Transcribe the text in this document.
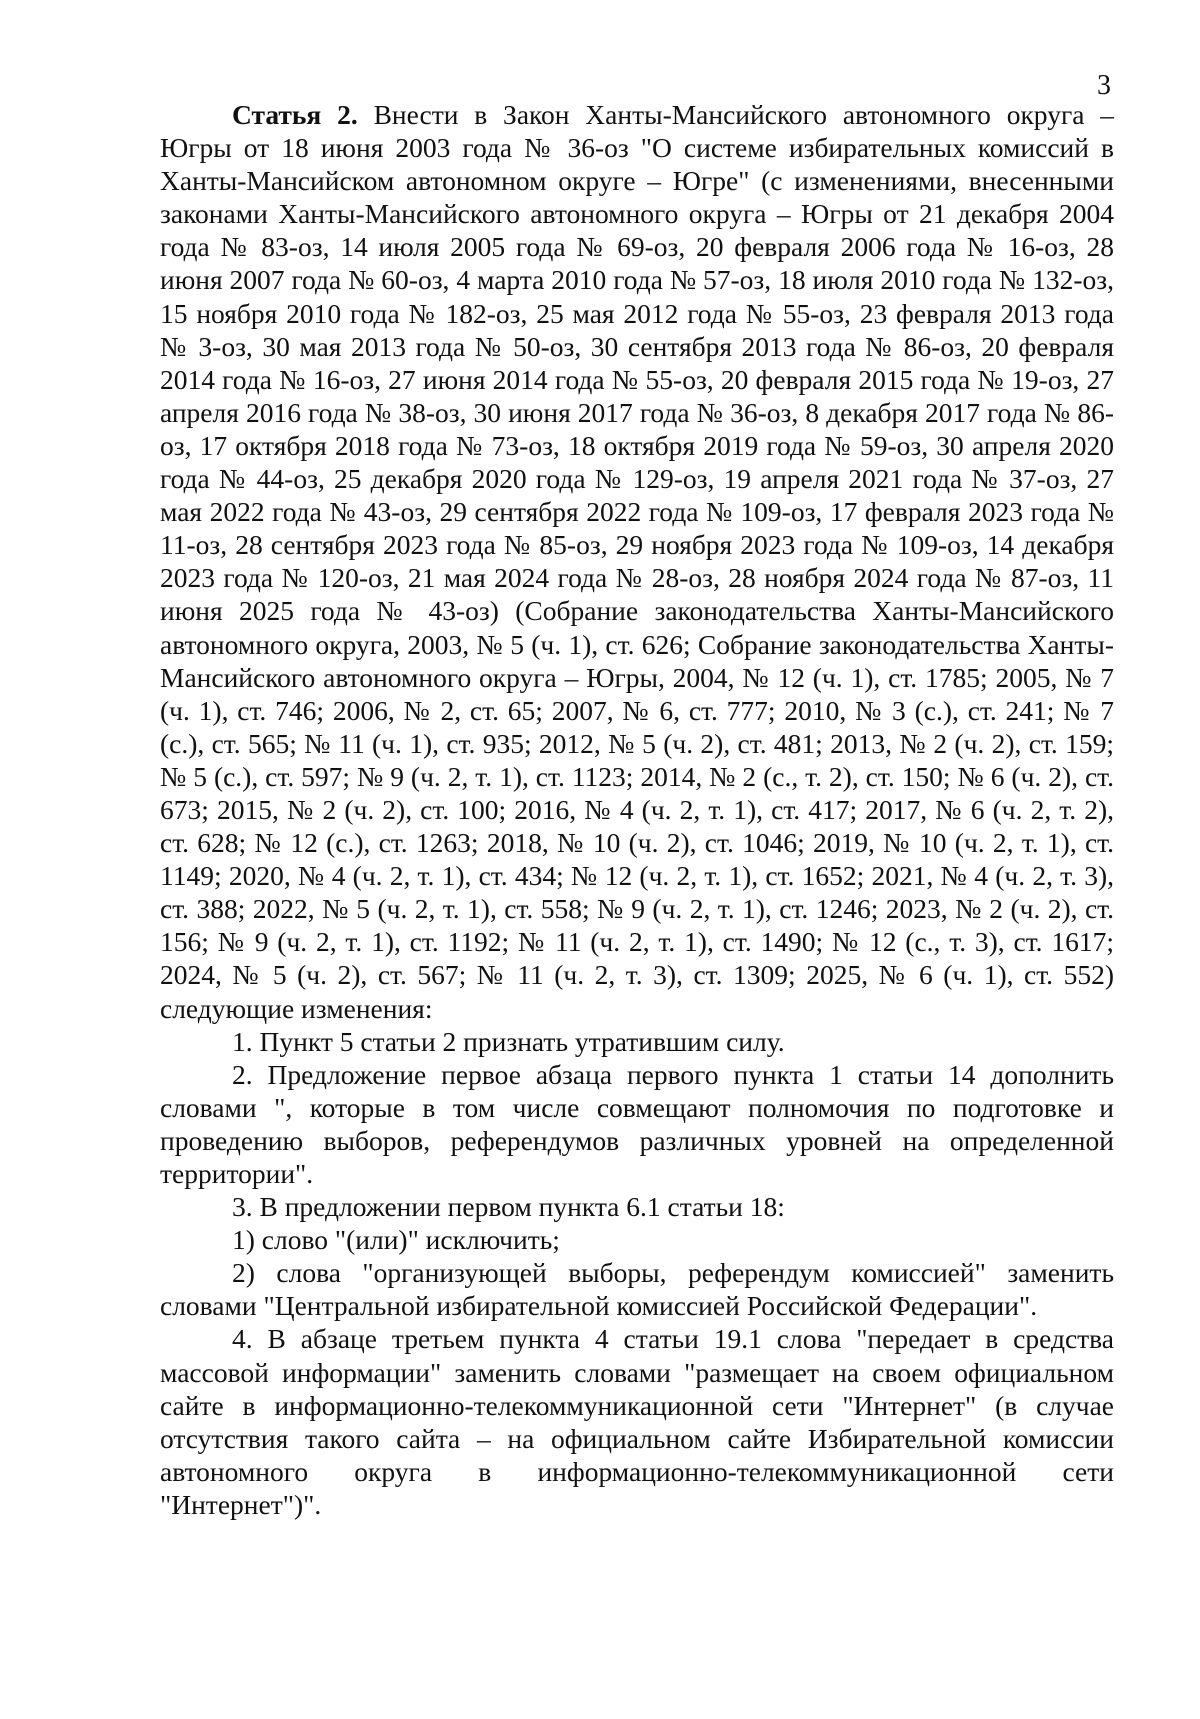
3

Статья 2. Внести в Закон Ханты-Мансийского автономного округа – Югры от 18 июня 2003 года № 36-оз "О системе избирательных комиссий в Ханты-Мансийском автономном округе – Югре" (с изменениями, внесенными законами Ханты-Мансийского автономного округа – Югры от 21 декабря 2004 года № 83-оз, 14 июля 2005 года № 69-оз, 20 февраля 2006 года № 16-оз, 28 июня 2007 года № 60-оз, 4 марта 2010 года № 57-оз, 18 июля 2010 года № 132-оз, 15 ноября 2010 года № 182-оз, 25 мая 2012 года № 55-оз, 23 февраля 2013 года № 3-оз, 30 мая 2013 года № 50-оз, 30 сентября 2013 года № 86-оз, 20 февраля 2014 года № 16-оз, 27 июня 2014 года № 55-оз, 20 февраля 2015 года № 19-оз, 27 апреля 2016 года № 38-оз, 30 июня 2017 года № 36-оз, 8 декабря 2017 года № 86-оз, 17 октября 2018 года № 73-оз, 18 октября 2019 года № 59-оз, 30 апреля 2020 года № 44-оз, 25 декабря 2020 года № 129-оз, 19 апреля 2021 года № 37-оз, 27 мая 2022 года № 43-оз, 29 сентября 2022 года № 109-оз, 17 февраля 2023 года № 11-оз, 28 сентября 2023 года № 85-оз, 29 ноября 2023 года № 109-оз, 14 декабря 2023 года № 120-оз, 21 мая 2024 года № 28-оз, 28 ноября 2024 года № 87-оз, 11 июня 2025 года № 43-оз) (Собрание законодательства Ханты-Мансийского автономного округа, 2003, № 5 (ч. 1), ст. 626; Собрание законодательства Ханты-Мансийского автономного округа – Югры, 2004, № 12 (ч. 1), ст. 1785; 2005, № 7 (ч. 1), ст. 746; 2006, № 2, ст. 65; 2007, № 6, ст. 777; 2010, № 3 (с.), ст. 241; № 7 (с.), ст. 565; № 11 (ч. 1), ст. 935; 2012, № 5 (ч. 2), ст. 481; 2013, № 2 (ч. 2), ст. 159; № 5 (с.), ст. 597; № 9 (ч. 2, т. 1), ст. 1123; 2014, № 2 (с., т. 2), ст. 150; № 6 (ч. 2), ст. 673; 2015, № 2 (ч. 2), ст. 100; 2016, № 4 (ч. 2, т. 1), ст. 417; 2017, № 6 (ч. 2, т. 2), ст. 628; № 12 (с.), ст. 1263; 2018, № 10 (ч. 2), ст. 1046; 2019, № 10 (ч. 2, т. 1), ст. 1149; 2020, № 4 (ч. 2, т. 1), ст. 434; № 12 (ч. 2, т. 1), ст. 1652; 2021, № 4 (ч. 2, т. 3), ст. 388; 2022, № 5 (ч. 2, т. 1), ст. 558; № 9 (ч. 2, т. 1), ст. 1246; 2023, № 2 (ч. 2), ст. 156; № 9 (ч. 2, т. 1), ст. 1192; № 11 (ч. 2, т. 1), ст. 1490; № 12 (с., т. 3), ст. 1617; 2024, № 5 (ч. 2), ст. 567; № 11 (ч. 2, т. 3), ст. 1309; 2025, № 6 (ч. 1), ст. 552) следующие изменения:

1. Пункт 5 статьи 2 признать утратившим силу.

2. Предложение первое абзаца первого пункта 1 статьи 14 дополнить словами ", которые в том числе совмещают полномочия по подготовке и проведению выборов, референдумов различных уровней на определенной территории".

3. В предложении первом пункта 6.1 статьи 18:

1) слово "(или)" исключить;

2) слова "организующей выборы, референдум комиссией" заменить словами "Центральной избирательной комиссией Российской Федерации".

4. В абзаце третьем пункта 4 статьи 19.1 слова "передает в средства массовой информации" заменить словами "размещает на своем официальном сайте в информационно-телекоммуникационной сети "Интернет" (в случае отсутствия такого сайта – на официальном сайте Избирательной комиссии автономного округа в информационно-телекоммуникационной сети "Интернет")".
